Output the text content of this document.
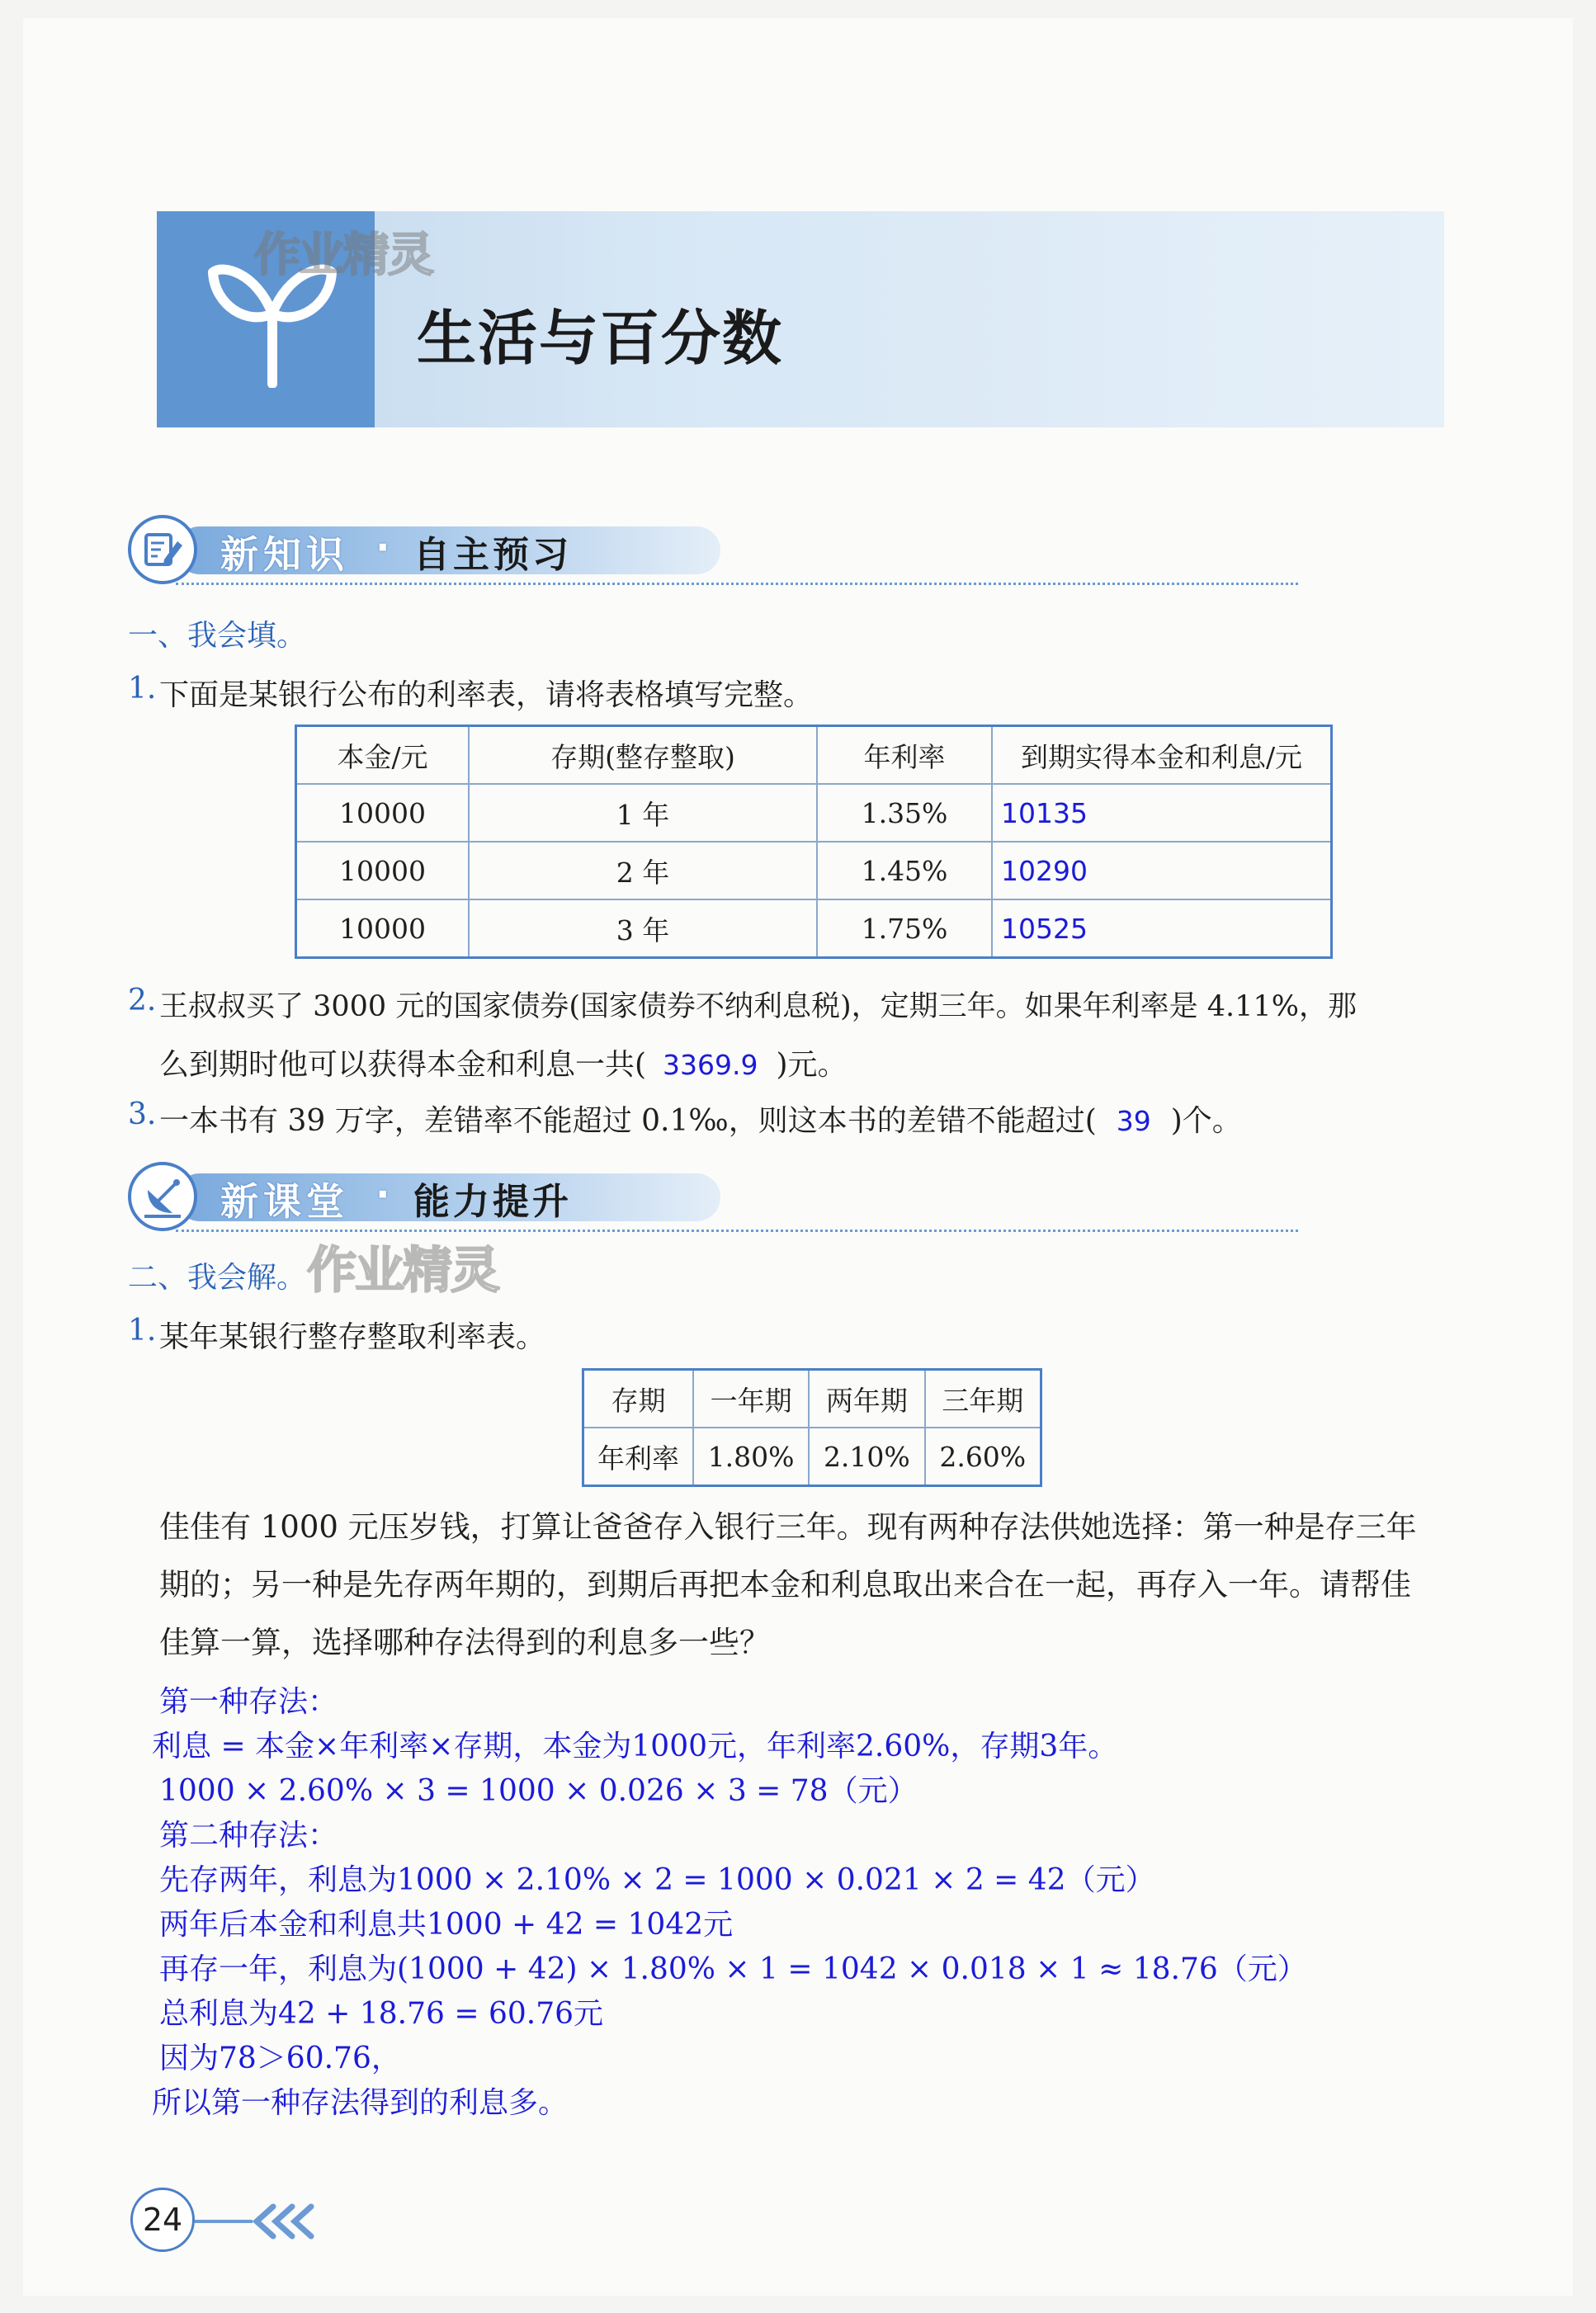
作业精灵
生活与百分数
新知识 · 自主预习
一、我会填。
1. 下面是某银行公布的利率表，请将表格填写完整。
本金/元	存期(整存整取)	年利率	到期实得本金和利息/元
10000	1 年	1.35%	10135
10000	2 年	1.45%	10290
10000	3 年	1.75%	10525
2. 王叔叔买了 3000 元的国家债券(国家债券不纳利息税)，定期三年。如果年利率是 4.11%，那
么到期时他可以获得本金和利息一共( 3369.9 )元。
3. 一本书有 39 万字，差错率不能超过 0.1‰，则这本书的差错不能超过( 39 )个。
新课堂 · 能力提升
二、我会解。 作业精灵
1. 某年某银行整存整取利率表。
存期	一年期	两年期	三年期
年利率	1.80%	2.10%	2.60%
佳佳有 1000 元压岁钱，打算让爸爸存入银行三年。现有两种存法供她选择：第一种是存三年
期的；另一种是先存两年期的，到期后再把本金和利息取出来合在一起，再存入一年。请帮佳
佳算一算，选择哪种存法得到的利息多一些？
第一种存法：
利息 = 本金×年利率×存期，本金为1000元，年利率2.60%，存期3年。
1000 × 2.60% × 3 = 1000 × 0.026 × 3 = 78（元）
第二种存法：
先存两年，利息为1000 × 2.10% × 2 = 1000 × 0.021 × 2 = 42（元）
两年后本金和利息共1000 + 42 = 1042元
再存一年，利息为(1000 + 42) × 1.80% × 1 = 1042 × 0.018 × 1 ≈ 18.76（元）
总利息为42 + 18.76 = 60.76元
因为78＞60.76，
所以第一种存法得到的利息多。
24
